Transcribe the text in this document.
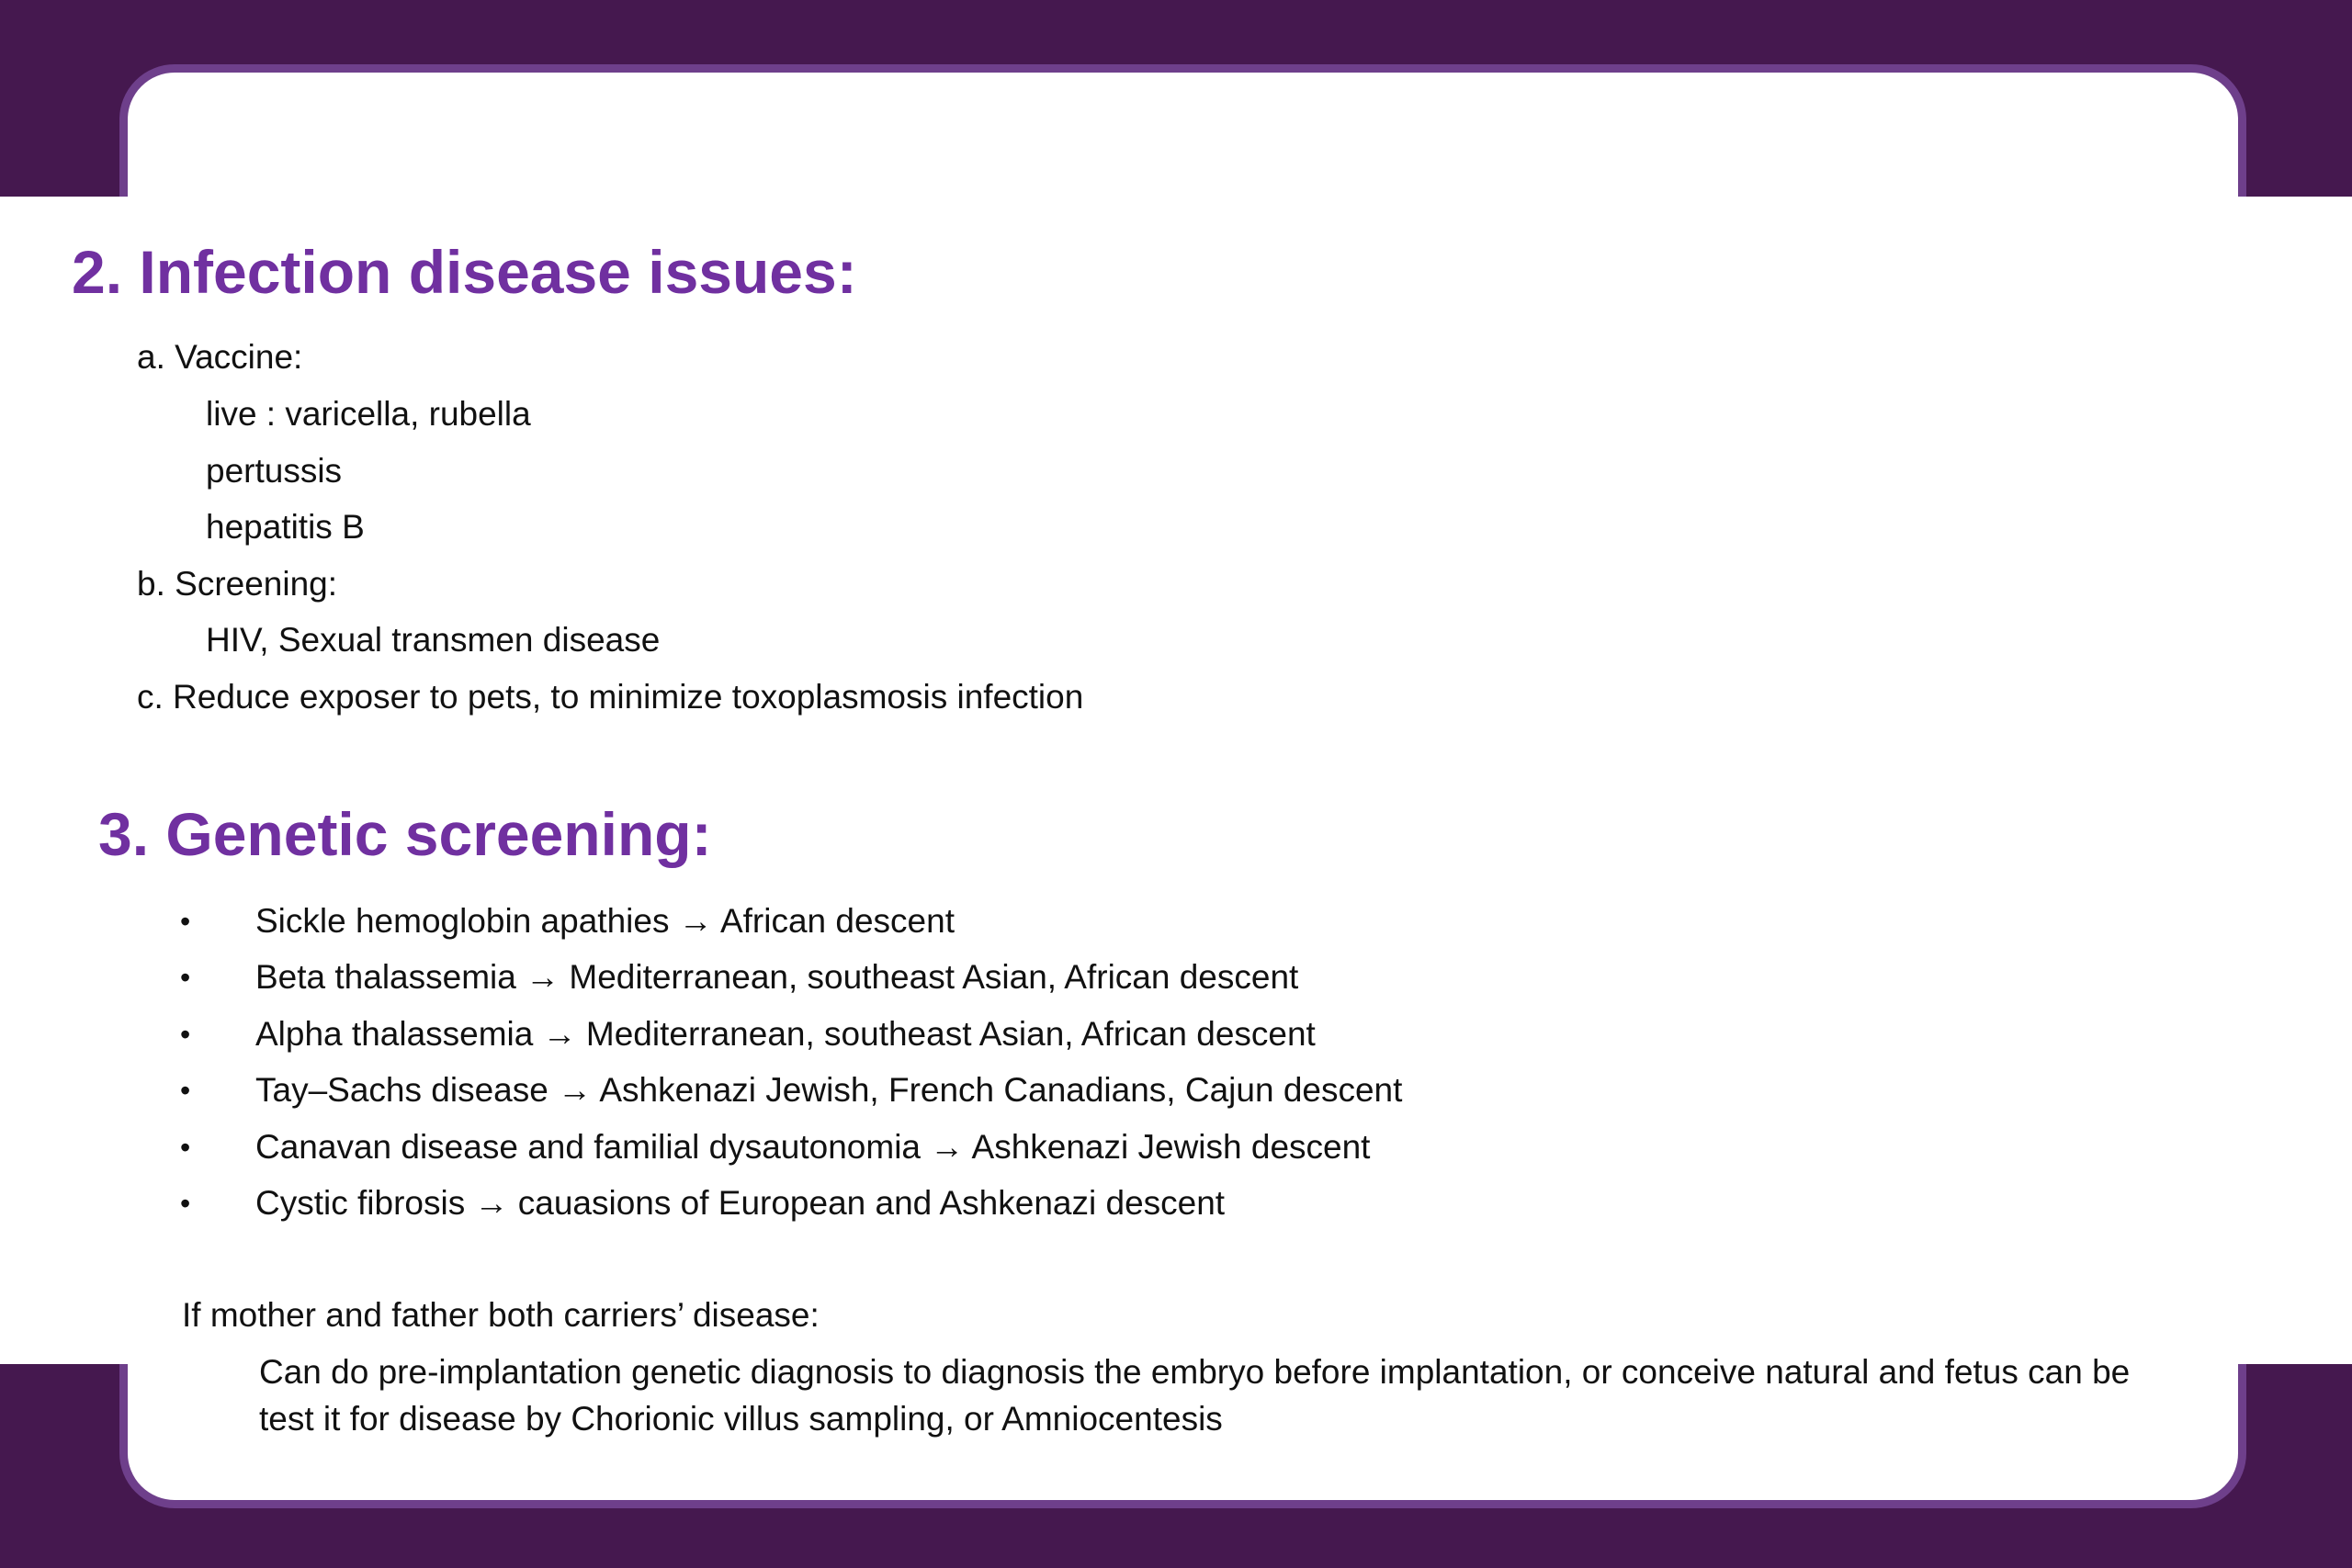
2. Infection disease issues:

a. Vaccine:

live : varicella, rubella

pertussis

hepatitis B

b. Screening:

HIV, Sexual transmen disease

c. Reduce exposer to pets, to minimize toxoplasmosis infection

3. Genetic screening:
• Sickle hemoglobin apathies → African descent

• Beta thalassemia → Mediterranean, southeast Asian, African descent

• Alpha thalassemia → Mediterranean, southeast Asian, African descent

• Tay–Sachs disease → Ashkenazi Jewish, French Canadians, Cajun descent

• Canavan disease and familial dysautonomia → Ashkenazi Jewish descent

• Cystic fibrosis → cauasions of European and Ashkenazi descent

If mother and father both carriers’ disease:

Can do pre-implantation genetic diagnosis to diagnosis the embryo before implantation, or conceive natural and fetus can be test it for disease by Chorionic villus sampling, or Amniocentesis
